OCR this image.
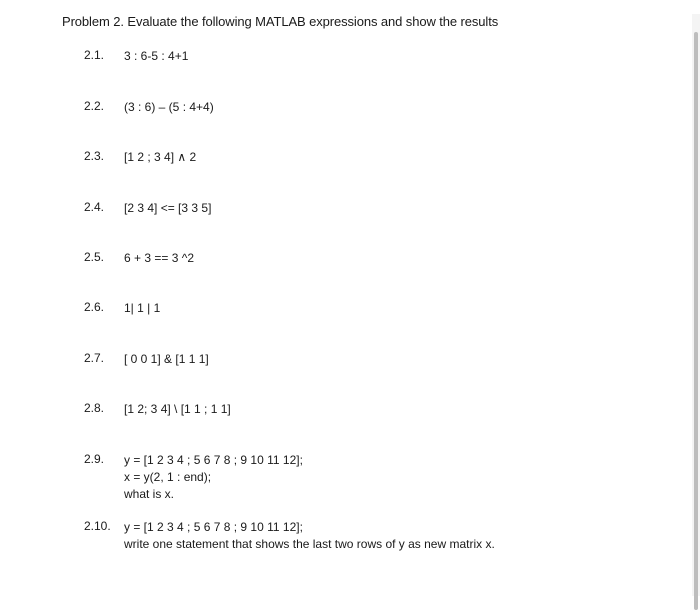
Problem 2. Evaluate the following MATLAB expressions and show the results
2.1. 3 : 6-5 : 4+1
2.2. (3 : 6) – (5 : 4+4)
2.3. [1 2 ; 3 4] ∧ 2
2.4. [2 3 4] <= [3 3 5]
2.5. 6 + 3 == 3 ^2
2.6. 1| 1 | 1
2.7. [ 0 0 1] & [1 1 1]
2.8. [1 2; 3 4] \ [1 1 ; 1 1]
2.9. y = [1 2 3 4 ; 5 6 7 8 ; 9 10 11 12];
x = y(2, 1 : end);
what is x.
2.10. y = [1 2 3 4 ; 5 6 7 8 ; 9 10 11 12];
write one statement that shows the last two rows of y as new matrix x.
